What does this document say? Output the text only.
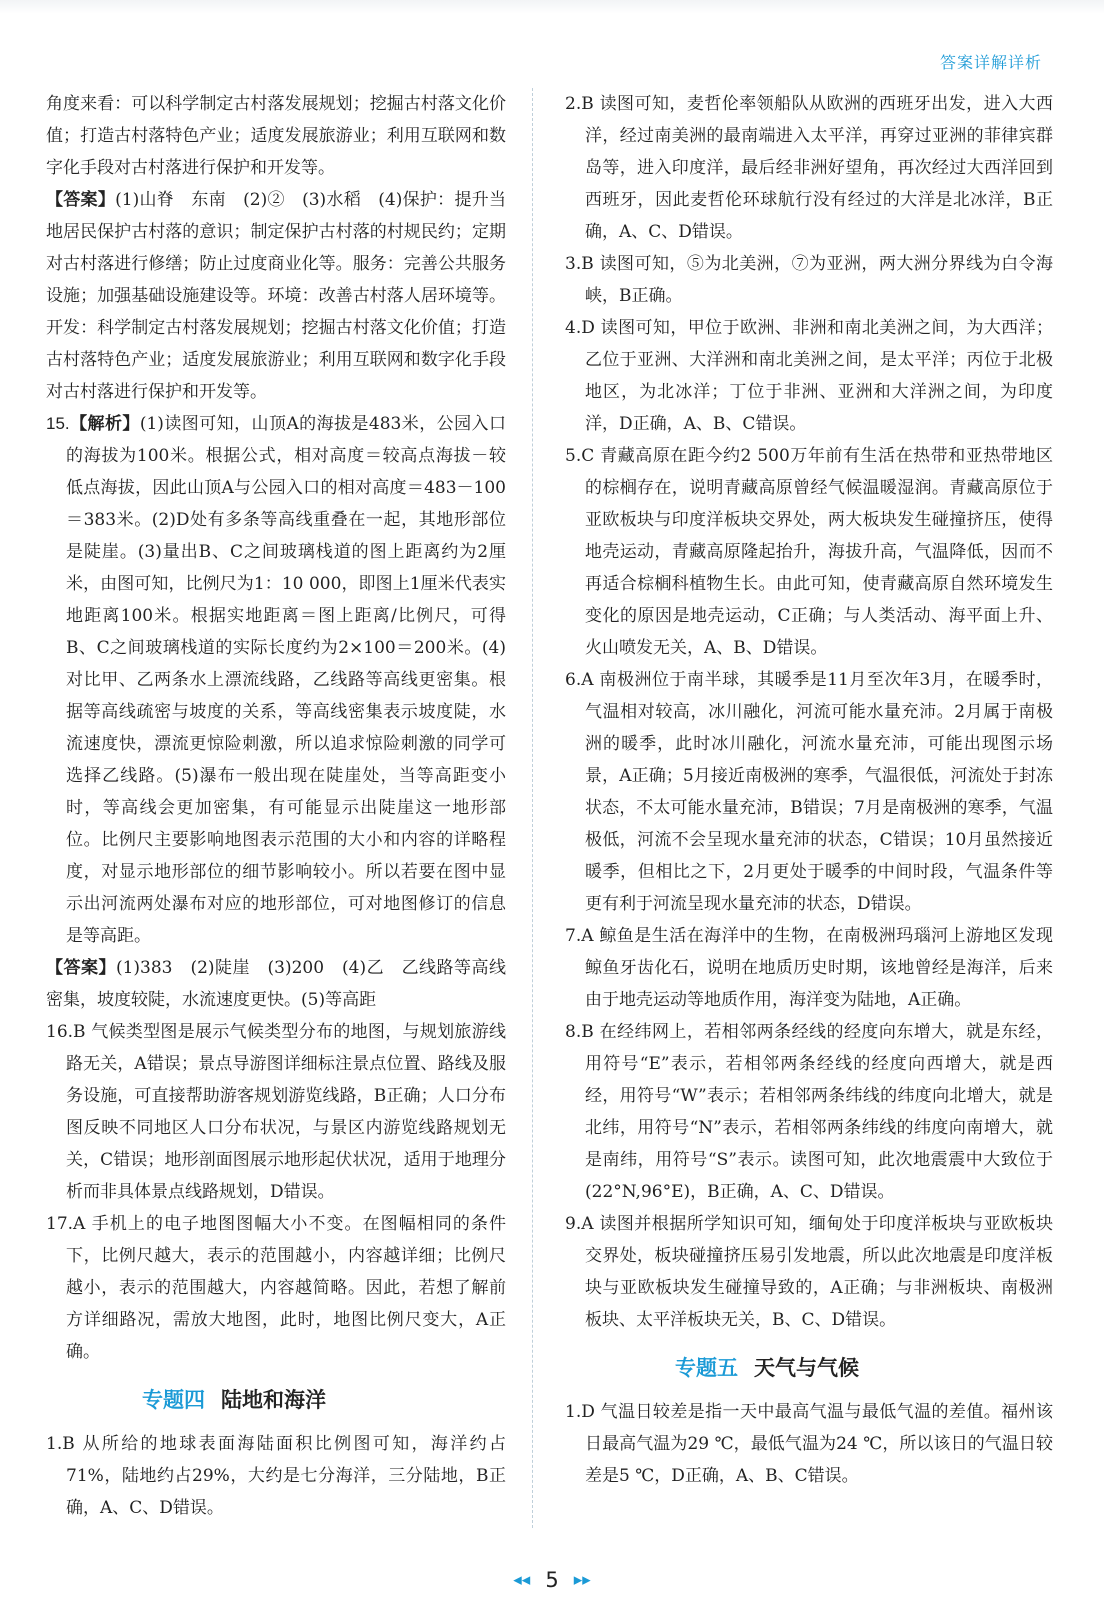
答案详解详析

角度来看：可以科学制定古村落发展规划；挖掘古村落文化价值；打造古村落特色产业；适度发展旅游业；利用互联网和数字化手段对古村落进行保护和开发等。

【答案】(1)山脊　东南　(2)②　(3)水稻　(4)保护：提升当地居民保护古村落的意识；制定保护古村落的村规民约；定期对古村落进行修缮；防止过度商业化等。服务：完善公共服务设施；加强基础设施建设等。环境：改善古村落人居环境等。开发：科学制定古村落发展规划；挖掘古村落文化价值；打造古村落特色产业；适度发展旅游业；利用互联网和数字化手段对古村落进行保护和开发等。

15.【解析】(1)读图可知，山顶A的海拔是483米，公园入口的海拔为100米。根据公式，相对高度＝较高点海拔－较低点海拔，因此山顶A与公园入口的相对高度＝483－100＝383米。(2)D处有多条等高线重叠在一起，其地形部位是陡崖。(3)量出B、C之间玻璃栈道的图上距离约为2厘米，由图可知，比例尺为1：10 000，即图上1厘米代表实地距离100米。根据实地距离＝图上距离/比例尺，可得B、C之间玻璃栈道的实际长度约为2×100＝200米。(4)对比甲、乙两条水上漂流线路，乙线路等高线更密集。根据等高线疏密与坡度的关系，等高线密集表示坡度陡，水流速度快，漂流更惊险刺激，所以追求惊险刺激的同学可选择乙线路。(5)瀑布一般出现在陡崖处，当等高距变小时，等高线会更加密集，有可能显示出陡崖这一地形部位。比例尺主要影响地图表示范围的大小和内容的详略程度，对显示地形部位的细节影响较小。所以若要在图中显示出河流两处瀑布对应的地形部位，可对地图修订的信息是等高距。

【答案】(1)383　(2)陡崖　(3)200　(4)乙　乙线路等高线密集，坡度较陡，水流速度更快。(5)等高距

16.B 气候类型图是展示气候类型分布的地图，与规划旅游线路无关，A错误；景点导游图详细标注景点位置、路线及服务设施，可直接帮助游客规划游览线路，B正确；人口分布图反映不同地区人口分布状况，与景区内游览线路规划无关，C错误；地形剖面图展示地形起伏状况，适用于地理分析而非具体景点线路规划，D错误。

17.A 手机上的电子地图图幅大小不变。在图幅相同的条件下，比例尺越大，表示的范围越小，内容越详细；比例尺越小，表示的范围越大，内容越简略。因此，若想了解前方详细路况，需放大地图，此时，地图比例尺变大，A正确。

专题四 陆地和海洋

1.B 从所给的地球表面海陆面积比例图可知，海洋约占71%，陆地约占29%，大约是七分海洋，三分陆地，B正确，A、C、D错误。

2.B 读图可知，麦哲伦率领船队从欧洲的西班牙出发，进入大西洋，经过南美洲的最南端进入太平洋，再穿过亚洲的菲律宾群岛等，进入印度洋，最后经非洲好望角，再次经过大西洋回到西班牙，因此麦哲伦环球航行没有经过的大洋是北冰洋，B正确，A、C、D错误。

3.B 读图可知，⑤为北美洲，⑦为亚洲，两大洲分界线为白令海峡，B正确。

4.D 读图可知，甲位于欧洲、非洲和南北美洲之间，为大西洋；乙位于亚洲、大洋洲和南北美洲之间，是太平洋；丙位于北极地区，为北冰洋；丁位于非洲、亚洲和大洋洲之间，为印度洋，D正确，A、B、C错误。

5.C 青藏高原在距今约2 500万年前有生活在热带和亚热带地区的棕榈存在，说明青藏高原曾经气候温暖湿润。青藏高原位于亚欧板块与印度洋板块交界处，两大板块发生碰撞挤压，使得地壳运动，青藏高原隆起抬升，海拔升高，气温降低，因而不再适合棕榈科植物生长。由此可知，使青藏高原自然环境发生变化的原因是地壳运动，C正确；与人类活动、海平面上升、火山喷发无关，A、B、D错误。

6.A 南极洲位于南半球，其暖季是11月至次年3月，在暖季时，气温相对较高，冰川融化，河流可能水量充沛。2月属于南极洲的暖季，此时冰川融化，河流水量充沛，可能出现图示场景，A正确；5月接近南极洲的寒季，气温很低，河流处于封冻状态，不太可能水量充沛，B错误；7月是南极洲的寒季，气温极低，河流不会呈现水量充沛的状态，C错误；10月虽然接近暖季，但相比之下，2月更处于暖季的中间时段，气温条件等更有利于河流呈现水量充沛的状态，D错误。

7.A 鲸鱼是生活在海洋中的生物，在南极洲玛瑙河上游地区发现鲸鱼牙齿化石，说明在地质历史时期，该地曾经是海洋，后来由于地壳运动等地质作用，海洋变为陆地，A正确。

8.B 在经纬网上，若相邻两条经线的经度向东增大，就是东经，用符号“E”表示，若相邻两条经线的经度向西增大，就是西经，用符号“W”表示；若相邻两条纬线的纬度向北增大，就是北纬，用符号“N”表示，若相邻两条纬线的纬度向南增大，就是南纬，用符号“S”表示。读图可知，此次地震震中大致位于(22°N,96°E)，B正确，A、C、D错误。

9.A 读图并根据所学知识可知，缅甸处于印度洋板块与亚欧板块交界处，板块碰撞挤压易引发地震，所以此次地震是印度洋板块与亚欧板块发生碰撞导致的，A正确；与非洲板块、南极洲板块、太平洋板块无关，B、C、D错误。

专题五 天气与气候

1.D 气温日较差是指一天中最高气温与最低气温的差值。福州该日最高气温为29 ℃，最低气温为24 ℃，所以该日的气温日较差是5 ℃，D正确，A、B、C错误。

◀◀ 5 ▶▶
